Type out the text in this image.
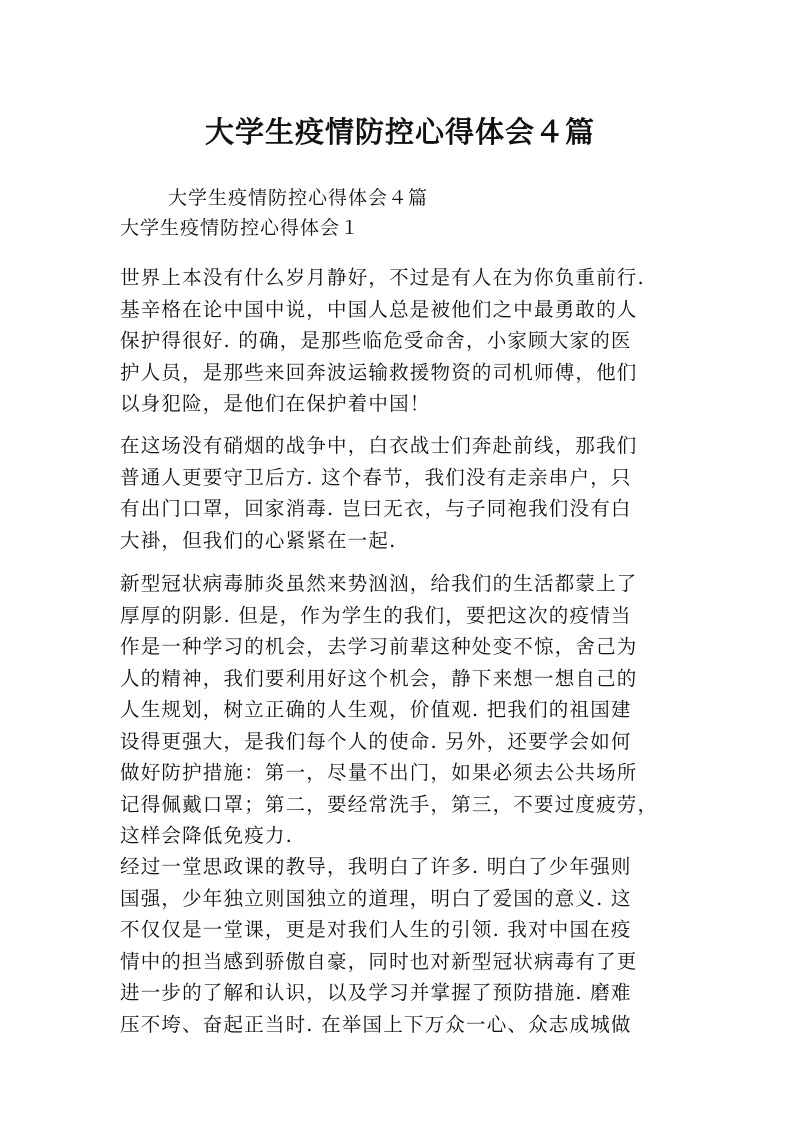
大学生疫情防控心得体会４篇
大学生疫情防控心得体会４篇
大学生疫情防控心得体会１
世界上本没有什么岁月静好，不过是有人在为你负重前行.
基辛格在论中国中说，中国人总是被他们之中最勇敢的人
保护得很好. 的确，是那些临危受命舍，小家顾大家的医
护人员，是那些来回奔波运输救援物资的司机师傅，他们
以身犯险，是他们在保护着中国！
在这场没有硝烟的战争中，白衣战士们奔赴前线，那我们
普通人更要守卫后方. 这个春节，我们没有走亲串户，只
有出门口罩，回家消毒. 岂曰无衣，与子同袍我们没有白
大褂，但我们的心紧紧在一起.
新型冠状病毒肺炎虽然来势汹汹，给我们的生活都蒙上了
厚厚的阴影. 但是，作为学生的我们，要把这次的疫情当
作是一种学习的机会，去学习前辈这种处变不惊，舍己为
人的精神，我们要利用好这个机会，静下来想一想自己的
人生规划，树立正确的人生观，价值观. 把我们的祖国建
设得更强大，是我们每个人的使命. 另外，还要学会如何
做好防护措施：第一，尽量不出门，如果必须去公共场所
记得佩戴口罩；第二，要经常洗手，第三，不要过度疲劳，
这样会降低免疫力.
经过一堂思政课的教导，我明白了许多. 明白了少年强则
国强，少年独立则国独立的道理，明白了爱国的意义. 这
不仅仅是一堂课，更是对我们人生的引领. 我对中国在疫
情中的担当感到骄傲自豪，同时也对新型冠状病毒有了更
进一步的了解和认识，以及学习并掌握了预防措施. 磨难
压不垮、奋起正当时. 在举国上下万众一心、众志成城做
